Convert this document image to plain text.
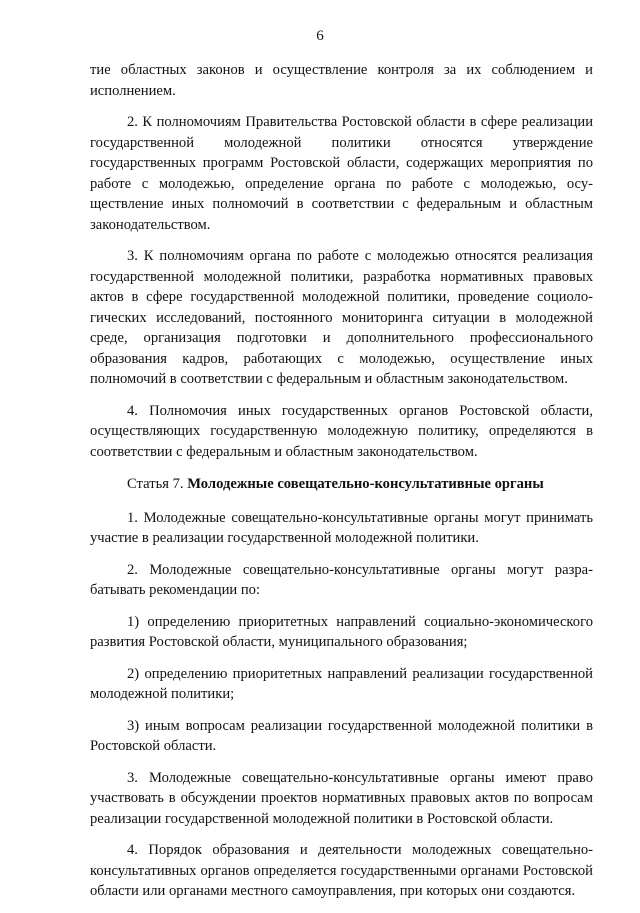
6

тие областных законов и осуществление контроля за их соблюдением и исполнением.

2. К полномочиям Правительства Ростовской области в сфере реализации государственной молодежной политики относятся утверждение государственных программ Ростовской области, содержащих мероприятия по работе с молодежью, определение органа по работе с молодежью, осуществление иных полномочий в соответствии с федеральным и областным законодательством.

3. К полномочиям органа по работе с молодежью относятся реализация государственной молодежной политики, разработка нормативных правовых актов в сфере государственной молодежной политики, проведение социологических исследований, постоянного мониторинга ситуации в молодежной среде, организация подготовки и дополнительного профессионального образования кадров, работающих с молодежью, осуществление иных полномочий в соответствии с федеральным и областным законодательством.

4. Полномочия иных государственных органов Ростовской области, осуществляющих государственную молодежную политику, определяются в соответствии с федеральным и областным законодательством.

Статья 7. Молодежные совещательно-консультативные органы

1. Молодежные совещательно-консультативные органы могут принимать участие в реализации государственной молодежной политики.

2. Молодежные совещательно-консультативные органы могут разрабатывать рекомендации по:

1) определению приоритетных направлений социально-экономического развития Ростовской области, муниципального образования;

2) определению приоритетных направлений реализации государственной молодежной политики;

3) иным вопросам реализации государственной молодежной политики в Ростовской области.

3. Молодежные совещательно-консультативные органы имеют право участвовать в обсуждении проектов нормативных правовых актов по вопросам реализации государственной молодежной политики в Ростовской области.

4. Порядок образования и деятельности молодежных совещательно-консультативных органов определяется государственными органами Ростовской области или органами местного самоуправления, при которых они создаются.
